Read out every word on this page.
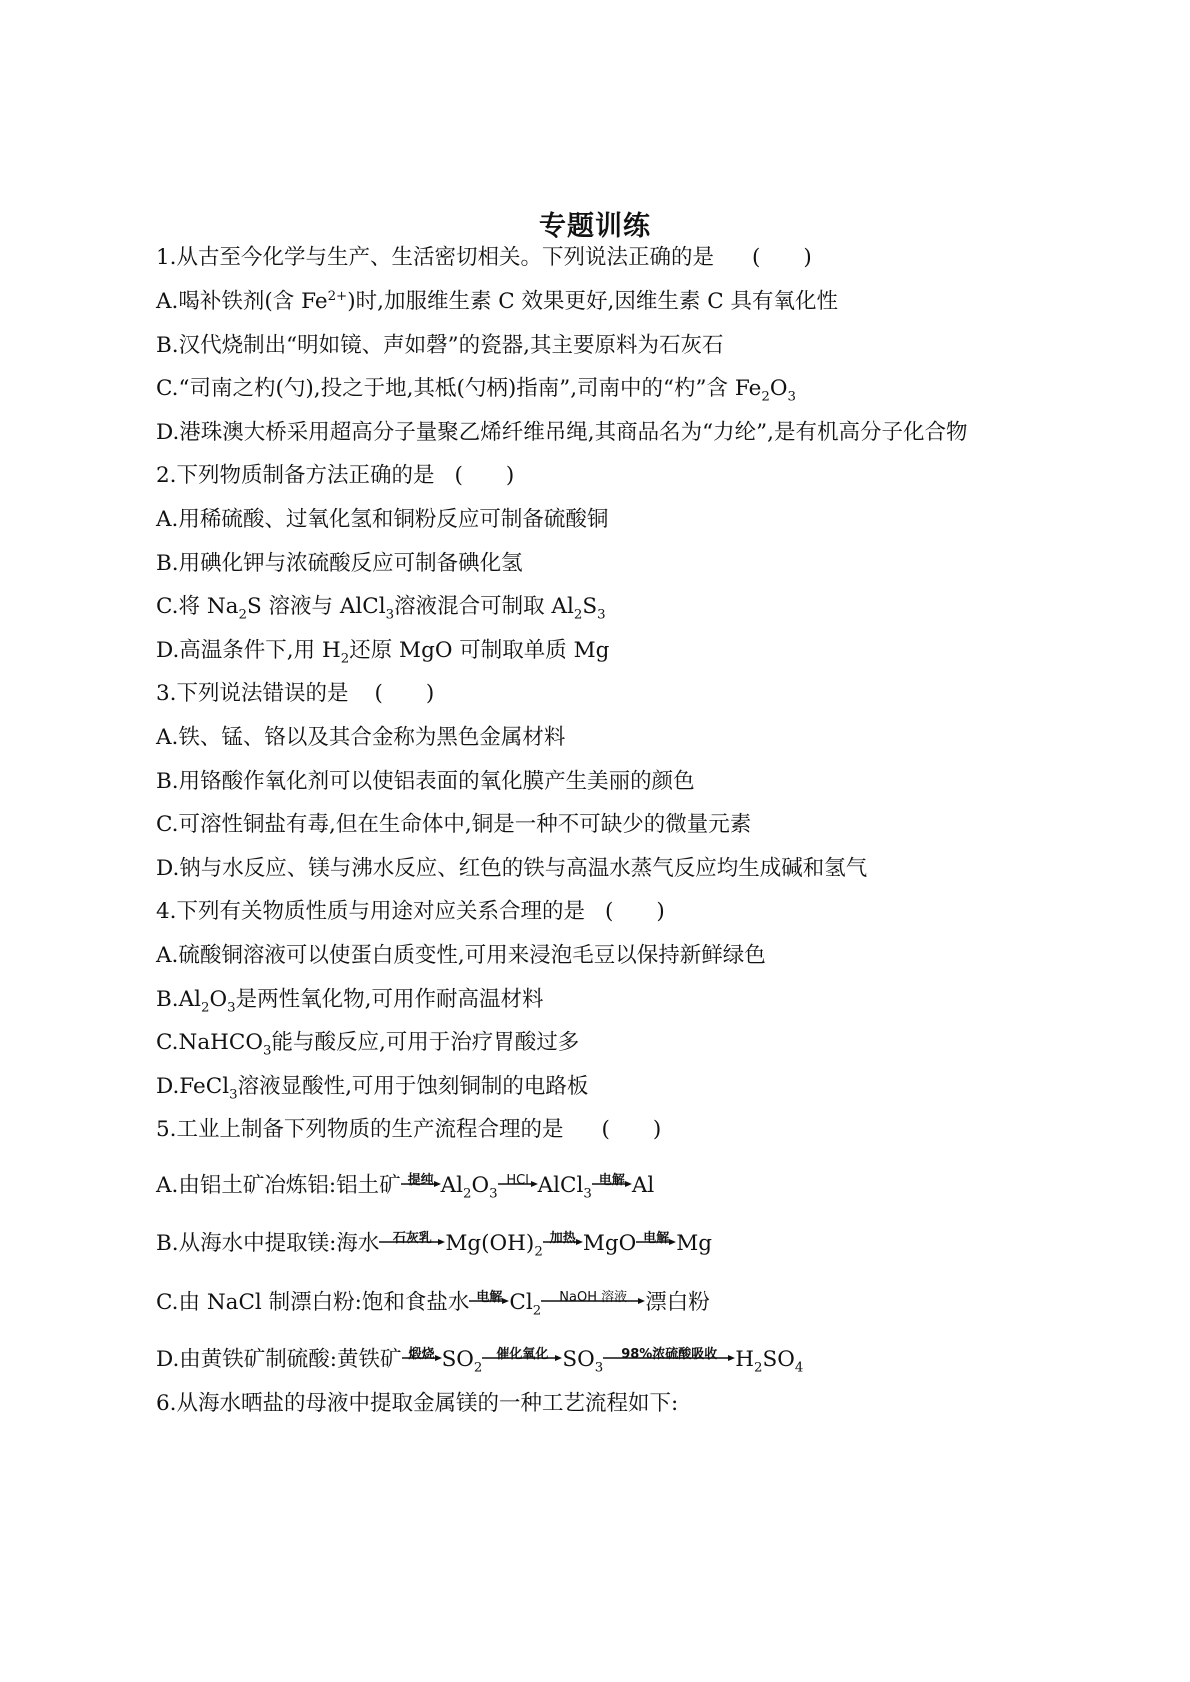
专题训练
1.从古至今化学与生产、生活密切相关。下列说法正确的是 (　　)
A.喝补铁剂(含 $Fe^{2+}$)时,加服维生素 C 效果更好,因维生素 C 具有氧化性
B.汉代烧制出“明如镜、声如磬”的瓷器,其主要原料为石灰石
C.“司南之杓(勺),投之于地,其柢(勺柄)指南”,司南中的“杓”含 $Fe_2O_3$
D.港珠澳大桥采用超高分子量聚乙烯纤维吊绳,其商品名为“力纶”,是有机高分子化合物
2.下列物质制备方法正确的是 (　　)
A.用稀硫酸、过氧化氢和铜粉反应可制备硫酸铜
B.用碘化钾与浓硫酸反应可制备碘化氢
C.将 $Na_2S$ 溶液与 AlCl$_3$溶液混合可制取 $Al_2S_3$
D.高温条件下,用 $H_2$还原 MgO 可制取单质 Mg
3.下列说法错误的是 (　　)
A.铁、锰、铬以及其合金称为黑色金属材料
B.用铬酸作氧化剂可以使铝表面的氧化膜产生美丽的颜色
C.可溶性铜盐有毒,但在生命体中,铜是一种不可缺少的微量元素
D.钠与水反应、镁与沸水反应、红色的铁与高温水蒸气反应均生成碱和氢气
4.下列有关物质性质与用途对应关系合理的是 (　　)
A.硫酸铜溶液可以使蛋白质变性,可用来浸泡毛豆以保持新鲜绿色
$B.Al_2O_3$是两性氧化物,可用作耐高温材料
C.NaHCO$_3$能与酸反应,可用于治疗胃酸过多
D.FeCl$_3$溶液显酸性,可用于蚀刻铜制的电路板
5.工业上制备下列物质的生产流程合理的是 (　　)
A.由铝土矿冶炼铝:铝土矿 提纯 $Al_2O_3$
HCl AlCl$_3$
电解 Al
B.从海水中提取镁:海水	石灰乳 $Mg(OH)_2$
加热 MgO 电解 Mg
C.由 NaCl 制漂白粉:饱和食盐水 电解 $Cl_2$
NaOH 溶液 漂白粉
D.由黄铁矿制硫酸:黄铁矿 煅烧 $SO_2$
催化氧化 $SO_3$
98%浓硫酸吸收 $H_2SO_4$
6.从海水晒盐的母液中提取金属镁的一种工艺流程如下:
